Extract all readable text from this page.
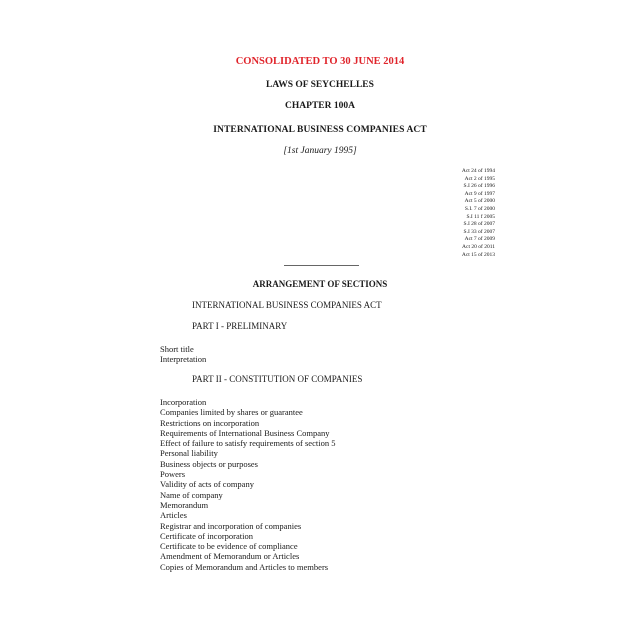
CONSOLIDATED TO 30 JUNE 2014
LAWS OF SEYCHELLES
CHAPTER 100A
INTERNATIONAL BUSINESS COMPANIES ACT
[1st January 1995]
Act 24 of 1994
Act 2 of 1995
S.I 26 of 1996
Act 9 of 1997
Act 5 of 2000
S.I. 7 of 2000
S.I 11 f 2005
S.I 28 of 2007
S.I 33 of 2007
Act 7 of 2009
Act 20 of 2011
Act 15 of 2013
ARRANGEMENT OF SECTIONS
INTERNATIONAL BUSINESS COMPANIES ACT
PART I - PRELIMINARY
Short title
Interpretation
PART II - CONSTITUTION OF COMPANIES
Incorporation
Companies limited by shares or guarantee
Restrictions on incorporation
Requirements of International Business Company
Effect of failure to satisfy requirements of section 5
Personal liability
Business objects or purposes
Powers
Validity of acts of company
Name of company
Memorandum
Articles
Registrar and incorporation of companies
Certificate of incorporation
Certificate to be evidence of compliance
Amendment of Memorandum or Articles
Copies of Memorandum and Articles to members
